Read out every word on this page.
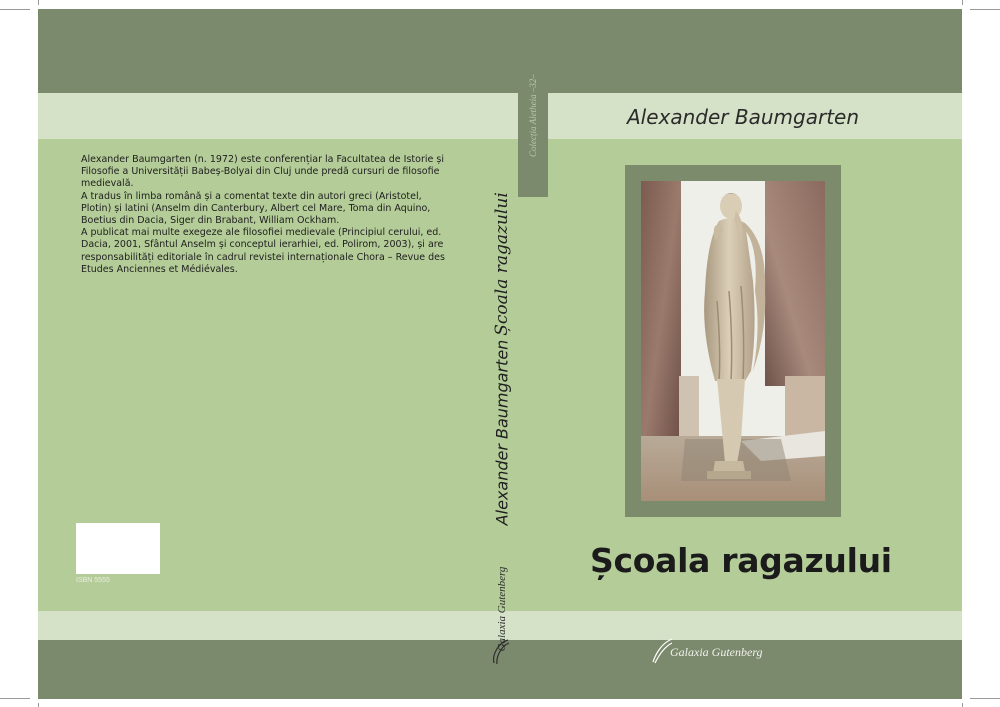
Colecția Aletheia –32–	Alexander Baumgarten

Alexander Baumgarten (n. 1972) este conferențiar la Facultatea de Istorie și Filosofie a Universității Babeș-Bolyai din Cluj unde predă cursuri de filosofie medievală.

A tradus în limba română și a comentat texte din autori greci (Aristotel, Plotin) și latini (Anselm din Canterbury, Albert cel Mare, Toma din Aquino, Boetius din Dacia, Siger din Brabant, William Ockham.

A publicat mai multe exegeze ale filosofiei medievale (Principiul cerului, ed. Dacia, 2001, Sfântul Anselm și conceptul ierarhiei, ed. Polirom, 2003), și are responsabilități editoriale în cadrul revistei internaționale Chora – Revue des Etudes Anciennes et Médiévales.

ISBN 5555
Școala ragazului
Alexander Baumgarten
Galaxia Gutenberg
Școala ragazului
Galaxia Gutenberg
